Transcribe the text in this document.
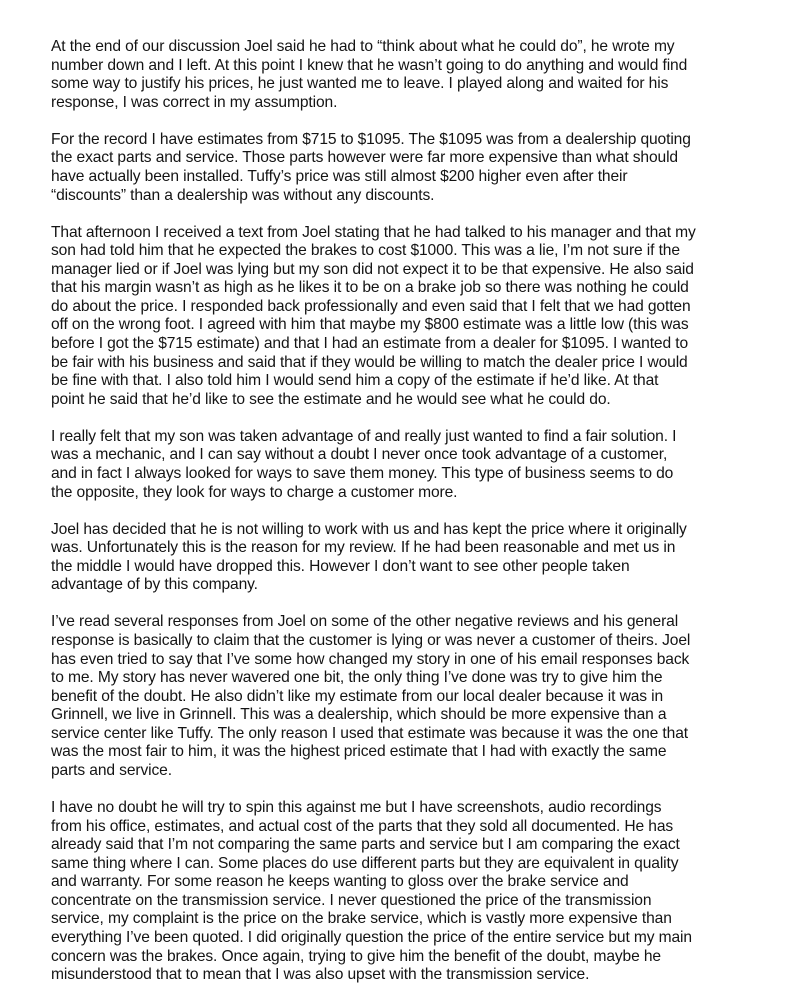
At the end of our discussion Joel said he had to “think about what he could do”, he wrote my
number down and I left. At this point I knew that he wasn’t going to do anything and would find
some way to justify his prices, he just wanted me to leave. I played along and waited for his
response, I was correct in my assumption.

For the record I have estimates from $715 to $1095. The $1095 was from a dealership quoting
the exact parts and service. Those parts however were far more expensive than what should
have actually been installed. Tuffy’s price was still almost $200 higher even after their
“discounts” than a dealership was without any discounts.

That afternoon I received a text from Joel stating that he had talked to his manager and that my
son had told him that he expected the brakes to cost $1000. This was a lie, I’m not sure if the
manager lied or if Joel was lying but my son did not expect it to be that expensive. He also said
that his margin wasn’t as high as he likes it to be on a brake job so there was nothing he could
do about the price. I responded back professionally and even said that I felt that we had gotten
off on the wrong foot. I agreed with him that maybe my $800 estimate was a little low (this was
before I got the $715 estimate) and that I had an estimate from a dealer for $1095. I wanted to
be fair with his business and said that if they would be willing to match the dealer price I would
be fine with that. I also told him I would send him a copy of the estimate if he’d like. At that
point he said that he’d like to see the estimate and he would see what he could do.

I really felt that my son was taken advantage of and really just wanted to find a fair solution. I
was a mechanic, and I can say without a doubt I never once took advantage of a customer,
and in fact I always looked for ways to save them money. This type of business seems to do
the opposite, they look for ways to charge a customer more.

Joel has decided that he is not willing to work with us and has kept the price where it originally
was. Unfortunately this is the reason for my review. If he had been reasonable and met us in
the middle I would have dropped this. However I don’t want to see other people taken
advantage of by this company.

I’ve read several responses from Joel on some of the other negative reviews and his general
response is basically to claim that the customer is lying or was never a customer of theirs. Joel
has even tried to say that I’ve some how changed my story in one of his email responses back
to me. My story has never wavered one bit, the only thing I’ve done was try to give him the
benefit of the doubt. He also didn’t like my estimate from our local dealer because it was in
Grinnell, we live in Grinnell. This was a dealership, which should be more expensive than a
service center like Tuffy. The only reason I used that estimate was because it was the one that
was the most fair to him, it was the highest priced estimate that I had with exactly the same
parts and service.

I have no doubt he will try to spin this against me but I have screenshots, audio recordings
from his office, estimates, and actual cost of the parts that they sold all documented. He has
already said that I’m not comparing the same parts and service but I am comparing the exact
same thing where I can. Some places do use different parts but they are equivalent in quality
and warranty. For some reason he keeps wanting to gloss over the brake service and
concentrate on the transmission service. I never questioned the price of the transmission
service, my complaint is the price on the brake service, which is vastly more expensive than
everything I’ve been quoted. I did originally question the price of the entire service but my main
concern was the brakes. Once again, trying to give him the benefit of the doubt, maybe he
misunderstood that to mean that I was also upset with the transmission service.
